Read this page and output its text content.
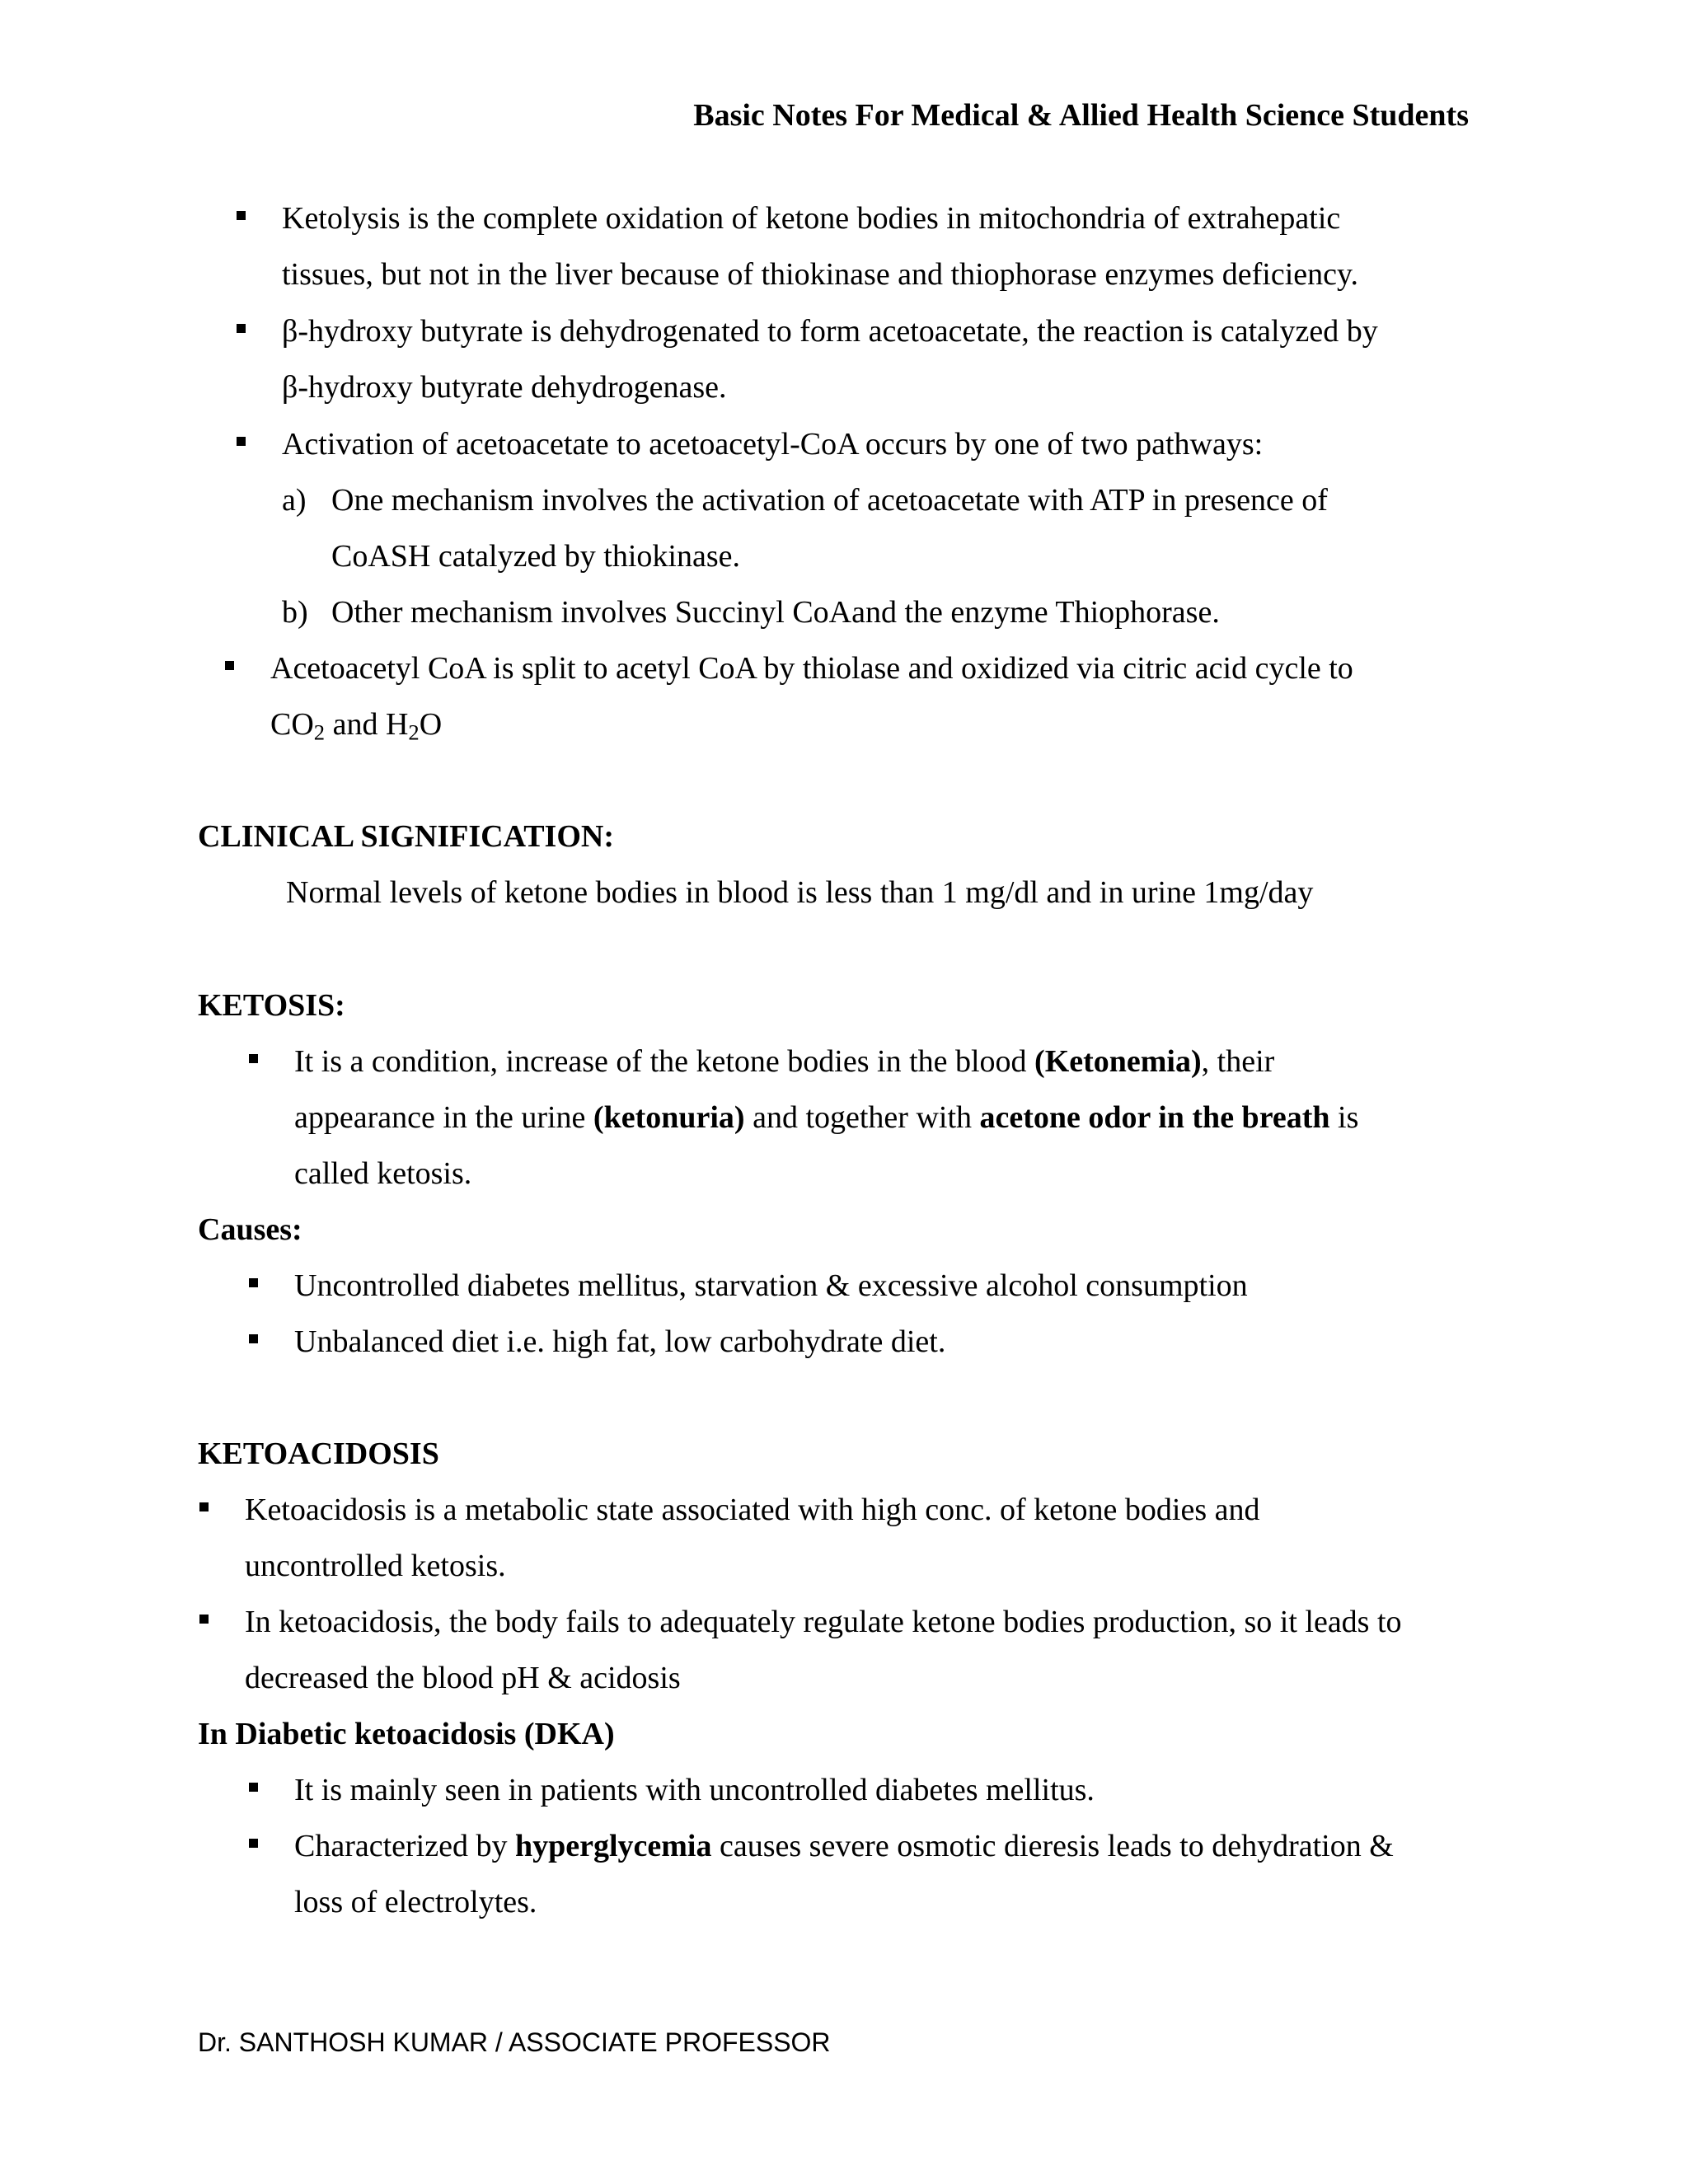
Basic Notes For Medical & Allied Health Science Students
Ketolysis is the complete oxidation of ketone bodies in mitochondria of extrahepatic
tissues, but not in the liver because of thiokinase and thiophorase enzymes deficiency.
β-hydroxy butyrate is dehydrogenated to form acetoacetate, the reaction is catalyzed by
β-hydroxy butyrate dehydrogenase.
Activation of acetoacetate to acetoacetyl-CoA occurs by one of two pathways:
a) One mechanism involves the activation of acetoacetate with ATP in presence of
CoASH catalyzed by thiokinase.
b) Other mechanism involves Succinyl CoAand the enzyme Thiophorase.
Acetoacetyl CoA is split to acetyl CoA by thiolase and oxidized via citric acid cycle to
$CO_2$ and $H_2O$
CLINICAL SIGNIFICATION:
Normal levels of ketone bodies in blood is less than 1 mg/dl and in urine 1mg/day
KETOSIS:
It is a condition, increase of the ketone bodies in the blood (Ketonemia), their
appearance in the urine (ketonuria) and together with acetone odor in the breath is
called ketosis.
Causes:
Uncontrolled diabetes mellitus, starvation & excessive alcohol consumption
Unbalanced diet i.e. high fat, low carbohydrate diet.
KETOACIDOSIS
Ketoacidosis is a metabolic state associated with high conc. of ketone bodies and
uncontrolled ketosis.
In ketoacidosis, the body fails to adequately regulate ketone bodies production, so it leads to
decreased the blood pH & acidosis
In Diabetic ketoacidosis (DKA)
It is mainly seen in patients with uncontrolled diabetes mellitus.
Characterized by hyperglycemia causes severe osmotic dieresis leads to dehydration &
loss of electrolytes.
Dr. SANTHOSH KUMAR / ASSOCIATE PROFESSOR
